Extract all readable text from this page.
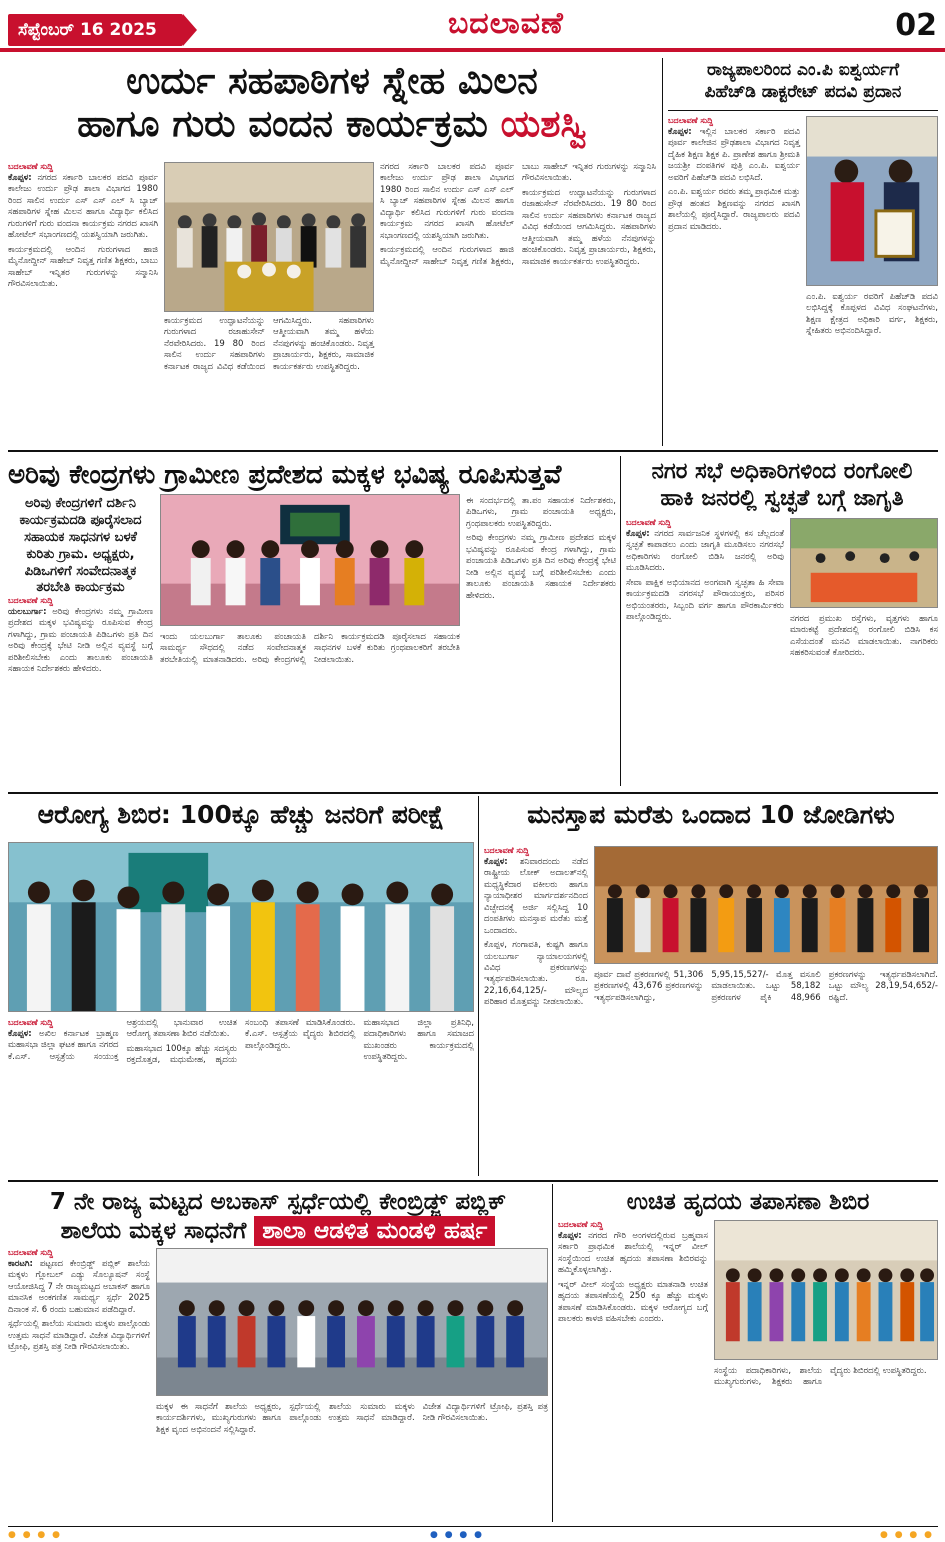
ಸೆಪ್ಟೆಂಬರ್ 16 2025	ಬದಲಾವಣೆ	02
ಉರ್ದು ಸಹಪಾಠಿಗಳ ಸ್ನೇಹ ಮಿಲನ
ಹಾಗೂ ಗುರು ವಂದನ ಕಾರ್ಯಕ್ರಮ ಯಶಸ್ವಿ
ಬದಲಾವಣೆ ಸುದ್ದಿ

ಕೊಪ್ಪಳ: ನಗರದ ಸರ್ಕಾರಿ ಬಾಲಕರ ಪದವಿ ಪೂರ್ವ ಕಾಲೇಜು ಉರ್ದು ಪ್ರೌಢ ಶಾಲಾ ವಿಭಾಗದ 1980 ರಿಂದ ಸಾಲಿನ ಉರ್ದು ಎಸ್ ಎಸ್ ಎಲ್ ಸಿ ಬ್ಯಾಚ್ ಸಹಪಾಠಿಗಳ ಸ್ನೇಹ ಮಿಲನ ಹಾಗೂ ವಿದ್ಯಾರ್ಥಿ ಕಲಿಸಿದ ಗುರುಗಳಿಗೆ ಗುರು ವಂದನಾ ಕಾರ್ಯಕ್ರಮ ನಗರದ ಖಾಸಗಿ ಹೋಟೆಲ್ ಸಭಾಂಗಣದಲ್ಲಿ ಯಶಸ್ವಿಯಾಗಿ ಜರುಗಿತು.

ಕಾರ್ಯಕ್ರಮದಲ್ಲಿ ಆಂದಿನ ಗುರುಗಳಾದ ಹಾಜಿ ಮೈನೋದ್ದೀನ್ ಸಾಹೇಬ್ ನಿವೃತ್ತ ಗಣಿತ ಶಿಕ್ಷಕರು, ಬಾಬು ಸಾಹೇಬ್ ಇನ್ನಿತರ ಗುರುಗಳನ್ನು ಸನ್ಮಾನಿಸಿ ಗೌರವಿಸಲಾಯಿತು.

ಕಾರ್ಯಕ್ರಮದ ಉದ್ಘಾಟನೆಯನ್ನು ಗುರುಗಳಾದ ರಜಾಹುಸೇನ್ ನೆರವೇರಿಸಿದರು. 19 80 ರಿಂದ ಸಾಲಿನ ಉರ್ದು ಸಹಪಾಠಿಗಳು ಕರ್ನಾಟಕ ರಾಜ್ಯದ ವಿವಿಧ ಕಡೆಯಿಂದ ಆಗಮಿಸಿದ್ದರು. ಸಹಪಾಠಿಗಳು ಆತ್ಮೀಯವಾಗಿ ತಮ್ಮ ಹಳೆಯ ನೆನಪುಗಳನ್ನು ಹಂಚಿಕೊಂಡರು. ನಿವೃತ್ತ ಪ್ರಾಚಾರ್ಯರು, ಶಿಕ್ಷಕರು, ಸಾಮಾಜಿಕ ಕಾರ್ಯಕರ್ತರು ಉಪಸ್ಥಿತರಿದ್ದರು.

ನಗರದ ಸರ್ಕಾರಿ ಬಾಲಕರ ಪದವಿ ಪೂರ್ವ ಕಾಲೇಜು ಉರ್ದು ಪ್ರೌಢ ಶಾಲಾ ವಿಭಾಗದ 1980 ರಿಂದ ಸಾಲಿನ ಉರ್ದು ಎಸ್ ಎಸ್ ಎಲ್ ಸಿ ಬ್ಯಾಚ್ ಸಹಪಾಠಿಗಳ ಸ್ನೇಹ ಮಿಲನ ಹಾಗೂ ವಿದ್ಯಾರ್ಥಿ ಕಲಿಸಿದ ಗುರುಗಳಿಗೆ ಗುರು ವಂದನಾ ಕಾರ್ಯಕ್ರಮ ನಗರದ ಖಾಸಗಿ ಹೋಟೆಲ್ ಸಭಾಂಗಣದಲ್ಲಿ ಯಶಸ್ವಿಯಾಗಿ ಜರುಗಿತು.

ಕಾರ್ಯಕ್ರಮದಲ್ಲಿ ಆಂದಿನ ಗುರುಗಳಾದ ಹಾಜಿ ಮೈನೋದ್ದೀನ್ ಸಾಹೇಬ್ ನಿವೃತ್ತ ಗಣಿತ ಶಿಕ್ಷಕರು, ಬಾಬು ಸಾಹೇಬ್ ಇನ್ನಿತರ ಗುರುಗಳನ್ನು ಸನ್ಮಾನಿಸಿ ಗೌರವಿಸಲಾಯಿತು.

ಕಾರ್ಯಕ್ರಮದ ಉದ್ಘಾಟನೆಯನ್ನು ಗುರುಗಳಾದ ರಜಾಹುಸೇನ್ ನೆರವೇರಿಸಿದರು. 19 80 ರಿಂದ ಸಾಲಿನ ಉರ್ದು ಸಹಪಾಠಿಗಳು ಕರ್ನಾಟಕ ರಾಜ್ಯದ ವಿವಿಧ ಕಡೆಯಿಂದ ಆಗಮಿಸಿದ್ದರು. ಸಹಪಾಠಿಗಳು ಆತ್ಮೀಯವಾಗಿ ತಮ್ಮ ಹಳೆಯ ನೆನಪುಗಳನ್ನು ಹಂಚಿಕೊಂಡರು. ನಿವೃತ್ತ ಪ್ರಾಚಾರ್ಯರು, ಶಿಕ್ಷಕರು, ಸಾಮಾಜಿಕ ಕಾರ್ಯಕರ್ತರು ಉಪಸ್ಥಿತರಿದ್ದರು.

ರಾಜ್ಯಪಾಲರಿಂದ ಎಂ.ಪಿ ಐಶ್ವರ್ಯಗೆ
ಪಿಹೆಚ್‌ಡಿ ಡಾಕ್ಟರೇಟ್ ಪದವಿ ಪ್ರದಾನ
ಬದಲಾವಣೆ ಸುದ್ದಿ

ಕೊಪ್ಪಳ: ಇಲ್ಲಿನ ಬಾಲಕರ ಸರ್ಕಾರಿ ಪದವಿ ಪೂರ್ವ ಕಾಲೇಜಿನ ಪ್ರೌಢಶಾಲಾ ವಿಭಾಗದ ನಿವೃತ್ತ ದೈಹಿಕ ಶಿಕ್ಷಣ ಶಿಕ್ಷಕ ಪಿ. ಪ್ರಾಣೇಶ ಹಾಗೂ ಶ್ರೀಮತಿ ಜಯಶ್ರೀ ದಂಪತಿಗಳ ಪುತ್ರಿ ಎಂ.ಪಿ. ಐಶ್ವರ್ಯ ಅವರಿಗೆ ಪಿಹೆಚ್‌ಡಿ ಪದವಿ ಲಭಿಸಿದೆ.

ಎಂ.ಪಿ. ಐಶ್ವರ್ಯ ರವರು ತಮ್ಮ ಪ್ರಾಥಮಿಕ ಮತ್ತು ಪ್ರೌಢ ಹಂತದ ಶಿಕ್ಷಣವನ್ನು ನಗರದ ಖಾಸಗಿ ಶಾಲೆಯಲ್ಲಿ ಪೂರೈಸಿದ್ದಾರೆ. ರಾಜ್ಯಪಾಲರು ಪದವಿ ಪ್ರದಾನ ಮಾಡಿದರು.

ಎಂ.ಪಿ. ಐಶ್ವರ್ಯ ರವರಿಗೆ ಪಿಹೆಚ್‌ಡಿ ಪದವಿ ಲಭಿಸಿದ್ದಕ್ಕೆ ಕೊಪ್ಪಳದ ವಿವಿಧ ಸಂಘಟನೆಗಳು, ಶಿಕ್ಷಣ ಕ್ಷೇತ್ರದ ಅಧಿಕಾರಿ ವರ್ಗ, ಶಿಕ್ಷಕರು, ಸ್ನೇಹಿತರು ಅಭಿನಂದಿಸಿದ್ದಾರೆ.

ಅರಿವು ಕೇಂದ್ರಗಳು ಗ್ರಾಮೀಣ ಪ್ರದೇಶದ ಮಕ್ಕಳ ಭವಿಷ್ಯ ರೂಪಿಸುತ್ತವೆ
ಅರಿವು ಕೇಂದ್ರಗಳಿಗೆ ದರ್ಶಿನಿ ಕಾರ್ಯಕ್ರಮದಡಿ ಪೂರೈಸಲಾದ ಸಹಾಯಕ ಸಾಧನಗಳ ಬಳಕೆ ಕುರಿತು ಗ್ರಾಮ. ಅಧ್ಯಕ್ಷರು, ಪಿಡಿಒಗಳಿಗೆ ಸಂವೇದನಾತ್ಮಕ ತರಬೇತಿ ಕಾರ್ಯಕ್ರಮ
ಬದಲಾವಣೆ ಸುದ್ದಿ

ಯಲಬುರ್ಗಾ: ಅರಿವು ಕೇಂದ್ರಗಳು ನಮ್ಮ ಗ್ರಾಮೀಣ ಪ್ರದೇಶದ ಮಕ್ಕಳ ಭವಿಷ್ಯವನ್ನು ರೂಪಿಸುವ ಕೇಂದ್ರ ಗಳಾಗಿದ್ದು, ಗ್ರಾಮ ಪಂಚಾಯತಿ ಪಿಡಿಒಗಳು ಪ್ರತಿ ದಿನ ಅರಿವು ಕೇಂದ್ರಕ್ಕೆ ಭೇಟಿ ನೀಡಿ ಅಲ್ಲಿನ ವ್ಯವಸ್ಥೆ ಬಗ್ಗೆ ಪರಿಶೀಲಿಸಬೇಕು ಎಂದು ತಾಲೂಕು ಪಂಚಾಯತಿ ಸಹಾಯಕ ನಿರ್ದೇಶಕರು ಹೇಳಿದರು.

ಇಂದು ಯಲಬುರ್ಗಾ ತಾಲೂಕು ಪಂಚಾಯತಿ ಸಾಮರ್ಥ್ಯ ಸೌಧದಲ್ಲಿ ನಡೆದ ಸಂವೇದನಾತ್ಮಕ ತರಬೇತಿಯಲ್ಲಿ ಮಾತನಾಡಿದರು. ಅರಿವು ಕೇಂದ್ರಗಳಲ್ಲಿ ದರ್ಶಿನಿ ಕಾರ್ಯಕ್ರಮದಡಿ ಪೂರೈಸಲಾದ ಸಹಾಯಕ ಸಾಧನಗಳ ಬಳಕೆ ಕುರಿತು ಗ್ರಂಥಪಾಲಕರಿಗೆ ತರಬೇತಿ ನೀಡಲಾಯಿತು.

ಈ ಸಂದರ್ಭದಲ್ಲಿ ತಾ.ಪಂ ಸಹಾಯಕ ನಿರ್ದೇಶಕರು, ಪಿಡಿಒಗಳು, ಗ್ರಾಮ ಪಂಚಾಯತಿ ಅಧ್ಯಕ್ಷರು, ಗ್ರಂಥಪಾಲಕರು ಉಪಸ್ಥಿತರಿದ್ದರು.

ಅರಿವು ಕೇಂದ್ರಗಳು ನಮ್ಮ ಗ್ರಾಮೀಣ ಪ್ರದೇಶದ ಮಕ್ಕಳ ಭವಿಷ್ಯವನ್ನು ರೂಪಿಸುವ ಕೇಂದ್ರ ಗಳಾಗಿದ್ದು, ಗ್ರಾಮ ಪಂಚಾಯತಿ ಪಿಡಿಒಗಳು ಪ್ರತಿ ದಿನ ಅರಿವು ಕೇಂದ್ರಕ್ಕೆ ಭೇಟಿ ನೀಡಿ ಅಲ್ಲಿನ ವ್ಯವಸ್ಥೆ ಬಗ್ಗೆ ಪರಿಶೀಲಿಸಬೇಕು ಎಂದು ತಾಲೂಕು ಪಂಚಾಯತಿ ಸಹಾಯಕ ನಿರ್ದೇಶಕರು ಹೇಳಿದರು.

ನಗರ ಸಭೆ ಅಧಿಕಾರಿಗಳಿಂದ ರಂಗೋಲಿ
ಹಾಕಿ ಜನರಲ್ಲಿ ಸ್ವಚ್ಛತೆ ಬಗ್ಗೆ ಜಾಗೃತಿ
ಬದಲಾವಣೆ ಸುದ್ದಿ

ಕೊಪ್ಪಳ: ನಗರದ ಸಾರ್ವಜನಿಕ ಸ್ಥಳಗಳಲ್ಲಿ ಕಸ ಚೆಲ್ಲದಂತೆ ಸ್ವಚ್ಛತೆ ಕಾಪಾಡಲು ಎಂದು ಜಾಗೃತಿ ಮೂಡಿಸಲು ನಗರಸಭೆ ಅಧಿಕಾರಿಗಳು ರಂಗೋಲಿ ಬಿಡಿಸಿ ಜನರಲ್ಲಿ ಅರಿವು ಮೂಡಿಸಿದರು.

ಸೇವಾ ಪಾಕ್ಷಿಕ ಅಭಿಯಾನದ ಅಂಗವಾಗಿ ಸ್ವಚ್ಛತಾ ಹಿ ಸೇವಾ ಕಾರ್ಯಕ್ರಮದಡಿ ನಗರಸಭೆ ಪೌರಾಯುಕ್ತರು, ಪರಿಸರ ಅಭಿಯಂತರರು, ಸಿಬ್ಬಂದಿ ವರ್ಗ ಹಾಗೂ ಪೌರಕಾರ್ಮಿಕರು ಪಾಲ್ಗೊಂಡಿದ್ದರು.	ನಗರದ ಪ್ರಮುಖ ರಸ್ತೆಗಳು, ವೃತ್ತಗಳು ಹಾಗೂ ಮಾರುಕಟ್ಟೆ ಪ್ರದೇಶದಲ್ಲಿ ರಂಗೋಲಿ ಬಿಡಿಸಿ ಕಸ ಎಸೆಯದಂತೆ ಮನವಿ ಮಾಡಲಾಯಿತು. ನಾಗರಿಕರು ಸಹಕರಿಸುವಂತೆ ಕೋರಿದರು.

ಆರೋಗ್ಯ ಶಿಬಿರ: 100ಕ್ಕೂ ಹೆಚ್ಚು ಜನರಿಗೆ ಪರೀಕ್ಷೆ
ಬದಲಾವಣೆ ಸುದ್ದಿ

ಕೊಪ್ಪಳ: ಅಖಿಲ ಕರ್ನಾಟಕ ಬ್ರಾಹ್ಮಣ ಮಹಾಸಭಾ ಜಿಲ್ಲಾ ಘಟಕ ಹಾಗೂ ನಗರದ ಕೆ.ಎಸ್. ಆಸ್ಪತ್ರೆಯ ಸಂಯುಕ್ತ ಆಶ್ರಯದಲ್ಲಿ ಭಾನುವಾರ ಉಚಿತ ಆರೋಗ್ಯ ತಪಾಸಣಾ ಶಿಬಿರ ನಡೆಯಿತು.

ಮಹಾಸಭಾದ 100ಕ್ಕೂ ಹೆಚ್ಚು ಸದಸ್ಯರು ರಕ್ತದೊತ್ತಡ, ಮಧುಮೇಹ, ಹೃದಯ ಸಂಬಂಧಿ ತಪಾಸಣೆ ಮಾಡಿಸಿಕೊಂಡರು. ಕೆ.ಎಸ್. ಆಸ್ಪತ್ರೆಯ ವೈದ್ಯರು ಶಿಬಿರದಲ್ಲಿ ಪಾಲ್ಗೊಂಡಿದ್ದರು.

ಮಹಾಸಭಾದ ಜಿಲ್ಲಾ ಪ್ರತಿನಿಧಿ, ಪದಾಧಿಕಾರಿಗಳು ಹಾಗೂ ಸಮಾಜದ ಮುಖಂಡರು ಕಾರ್ಯಕ್ರಮದಲ್ಲಿ ಉಪಸ್ಥಿತರಿದ್ದರು.

ಮನಸ್ತಾಪ ಮರೆತು ಒಂದಾದ 10 ಜೋಡಿಗಳು
ಬದಲಾವಣೆ ಸುದ್ದಿ

ಕೊಪ್ಪಳ: ಶನಿವಾರದಂದು ನಡೆದ ರಾಷ್ಟ್ರೀಯ ಲೋಕ್ ಅದಾಲತ್‌ನಲ್ಲಿ ಮಧ್ಯಸ್ಥಿಕೆದಾರ ವಕೀಲರು ಹಾಗೂ ನ್ಯಾಯಾಧೀಶರ ಮಾರ್ಗದರ್ಶನದಿಂದ ವಿಚ್ಛೇದನಕ್ಕೆ ಅರ್ಜಿ ಸಲ್ಲಿಸಿದ್ದ 10 ದಂಪತಿಗಳು ಮನಸ್ತಾಪ ಮರೆತು ಮತ್ತೆ ಒಂದಾದರು.

ಕೊಪ್ಪಳ, ಗಂಗಾವತಿ, ಕುಷ್ಟಗಿ ಹಾಗೂ ಯಲಬುರ್ಗಾ ನ್ಯಾಯಾಲಯಗಳಲ್ಲಿ ವಿವಿಧ ಪ್ರಕರಣಗಳನ್ನು ಇತ್ಯರ್ಥಪಡಿಸಲಾಯಿತು. ರೂ. 22,16,64,125/- ಮೌಲ್ಯದ ಪರಿಹಾರ ಮೊತ್ತವನ್ನು ನೀಡಲಾಯಿತು.

ಪೂರ್ವ ದಾವೆ ಪ್ರಕರಣಗಳಲ್ಲಿ 51,306 ಪ್ರಕರಣಗಳಲ್ಲಿ 43,676 ಪ್ರಕರಣಗಳನ್ನು ಇತ್ಯರ್ಥಪಡಿಸಲಾಗಿದ್ದು, 5,95,15,527/- ಮೊತ್ತ ವಸೂಲಿ ಮಾಡಲಾಯಿತು. ಒಟ್ಟು 58,182 ಪ್ರಕರಣಗಳ ಪೈಕಿ 48,966 ಪ್ರಕರಣಗಳನ್ನು ಇತ್ಯರ್ಥಪಡಿಸಲಾಗಿದೆ. ಒಟ್ಟು ಮೌಲ್ಯ 28,19,54,652/- ರಷ್ಟಿದೆ.

7 ನೇ ರಾಜ್ಯ ಮಟ್ಟದ ಅಬಕಾಸ್ ಸ್ಪರ್ಧೆಯಲ್ಲಿ ಕೇಂಬ್ರಿಡ್ಜ್ ಪಬ್ಲಿಕ್
ಶಾಲೆಯ ಮಕ್ಕಳ ಸಾಧನೆಗೆ ಶಾಲಾ ಆಡಳಿತ ಮಂಡಳಿ ಹರ್ಷ
ಬದಲಾವಣೆ ಸುದ್ದಿ

ಕಾರಟಗಿ: ಪಟ್ಟಣದ ಕೇಂಬ್ರಿಡ್ಜ್ ಪಬ್ಲಿಕ್ ಶಾಲೆಯ ಮಕ್ಕಳು ಗ್ಲೋಬಲ್ ಎಡ್ಯು ಸೊಲ್ಯೂಷನ್ ಸಂಸ್ಥೆ ಆಯೋಜಿಸಿದ್ದ 7 ನೇ ರಾಜ್ಯಮಟ್ಟದ ಅಬಾಕಸ್ ಹಾಗೂ ಮಾನಸಿಕ ಅಂಕಗಣಿತ ಸಾಮರ್ಥ್ಯ ಸ್ಪರ್ಧೆ 2025 ದಿನಾಂಕ ಸೆ. 6 ರಂದು ಬಹುಮಾನ ಪಡೆದಿದ್ದಾರೆ.

ಸ್ಪರ್ಧೆಯಲ್ಲಿ ಶಾಲೆಯ ಸುಮಾರು ಮಕ್ಕಳು ಪಾಲ್ಗೊಂಡು ಉತ್ತಮ ಸಾಧನೆ ಮಾಡಿದ್ದಾರೆ. ವಿಜೇತ ವಿದ್ಯಾರ್ಥಿಗಳಿಗೆ ಟ್ರೋಫಿ, ಪ್ರಶಸ್ತಿ ಪತ್ರ ನೀಡಿ ಗೌರವಿಸಲಾಯಿತು.

ಮಕ್ಕಳ ಈ ಸಾಧನೆಗೆ ಶಾಲೆಯ ಅಧ್ಯಕ್ಷರು, ಕಾರ್ಯದರ್ಶಿಗಳು, ಮುಖ್ಯಗುರುಗಳು ಹಾಗೂ ಶಿಕ್ಷಕ ವೃಂದ ಅಭಿನಂದನೆ ಸಲ್ಲಿಸಿದ್ದಾರೆ.

ಸ್ಪರ್ಧೆಯಲ್ಲಿ ಶಾಲೆಯ ಸುಮಾರು ಮಕ್ಕಳು ಪಾಲ್ಗೊಂಡು ಉತ್ತಮ ಸಾಧನೆ ಮಾಡಿದ್ದಾರೆ. ವಿಜೇತ ವಿದ್ಯಾರ್ಥಿಗಳಿಗೆ ಟ್ರೋಫಿ, ಪ್ರಶಸ್ತಿ ಪತ್ರ ನೀಡಿ ಗೌರವಿಸಲಾಯಿತು.

ಉಚಿತ ಹೃದಯ ತಪಾಸಣಾ ಶಿಬಿರ
ಬದಲಾವಣೆ ಸುದ್ದಿ

ಕೊಪ್ಪಳ: ನಗರದ ಗೌರಿ ಅಂಗಳದಲ್ಲಿರುವ ಬ್ರಹ್ಮವಾಸ ಸರ್ಕಾರಿ ಪ್ರಾಥಮಿಕ ಶಾಲೆಯಲ್ಲಿ ಇನ್ನರ್ ವೀಲ್ ಸಂಸ್ಥೆಯಿಂದ ಉಚಿತ ಹೃದಯ ತಪಾಸಣಾ ಶಿಬಿರವನ್ನು ಹಮ್ಮಿಕೊಳ್ಳಲಾಗಿತ್ತು.

ಇನ್ನರ್ ವೀಲ್ ಸಂಸ್ಥೆಯ ಅಧ್ಯಕ್ಷರು ಮಾತನಾಡಿ ಉಚಿತ ಹೃದಯ ತಪಾಸಣೆಯಲ್ಲಿ 250 ಕ್ಕೂ ಹೆಚ್ಚು ಮಕ್ಕಳು ತಪಾಸಣೆ ಮಾಡಿಸಿಕೊಂಡರು. ಮಕ್ಕಳ ಆರೋಗ್ಯದ ಬಗ್ಗೆ ಪಾಲಕರು ಕಾಳಜಿ ವಹಿಸಬೇಕು ಎಂದರು.

ಸಂಸ್ಥೆಯ ಪದಾಧಿಕಾರಿಗಳು, ಶಾಲೆಯ ಮುಖ್ಯಗುರುಗಳು, ಶಿಕ್ಷಕರು ಹಾಗೂ ವೈದ್ಯರು ಶಿಬಿರದಲ್ಲಿ ಉಪಸ್ಥಿತರಿದ್ದರು.

● ● ● ●	● ● ● ●	● ● ● ●
